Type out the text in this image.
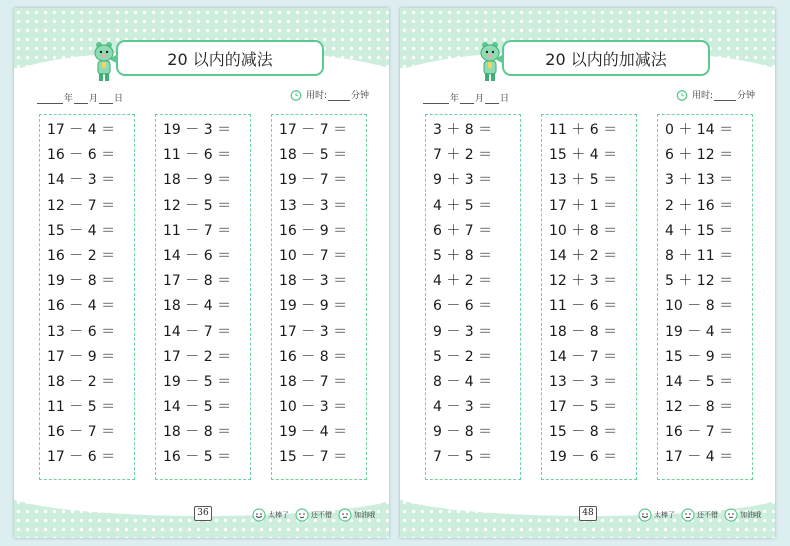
20 以内的减法
年 月 日	用时:	分钟
17 － 4 ＝
16 － 6 ＝
14 － 3 ＝
12 － 7 ＝
15 － 4 ＝
16 － 2 ＝
19 － 8 ＝
16 － 4 ＝
13 － 6 ＝
17 － 9 ＝
18 － 2 ＝
11 － 5 ＝
16 － 7 ＝
17 － 6 ＝
19 － 3 ＝
11 － 6 ＝
18 － 9 ＝
12 － 5 ＝
11 － 7 ＝
14 － 6 ＝
17 － 8 ＝
18 － 4 ＝
14 － 7 ＝
17 － 2 ＝
19 － 5 ＝
14 － 5 ＝
18 － 8 ＝
16 － 5 ＝
17 － 7 ＝
18 － 5 ＝
19 － 7 ＝
13 － 3 ＝
16 － 9 ＝
10 － 7 ＝
18 － 3 ＝
19 － 9 ＝
17 － 3 ＝
16 － 8 ＝
18 － 7 ＝
10 － 3 ＝
19 － 4 ＝
15 － 7 ＝
36	太棒了	还不错	加油哦
20 以内的加减法
年 月 日	用时:	分钟
3 ＋ 8 ＝
7 ＋ 2 ＝
9 ＋ 3 ＝
4 ＋ 5 ＝
6 ＋ 7 ＝
5 ＋ 8 ＝
4 ＋ 2 ＝
6 － 6 ＝
9 － 3 ＝
5 － 2 ＝
8 － 4 ＝
4 － 3 ＝
9 － 8 ＝
7 － 5 ＝
11 ＋ 6 ＝
15 ＋ 4 ＝
13 ＋ 5 ＝
17 ＋ 1 ＝
10 ＋ 8 ＝
14 ＋ 2 ＝
12 ＋ 3 ＝
11 － 6 ＝
18 － 8 ＝
14 － 7 ＝
13 － 3 ＝
17 － 5 ＝
15 － 8 ＝
19 － 6 ＝
0 ＋ 14 ＝
6 ＋ 12 ＝
3 ＋ 13 ＝
2 ＋ 16 ＝
4 ＋ 15 ＝
8 ＋ 11 ＝
5 ＋ 12 ＝
10 － 8 ＝
19 － 4 ＝
15 － 9 ＝
14 － 5 ＝
12 － 8 ＝
16 － 7 ＝
17 － 4 ＝
48	太棒了	还不错	加油哦
